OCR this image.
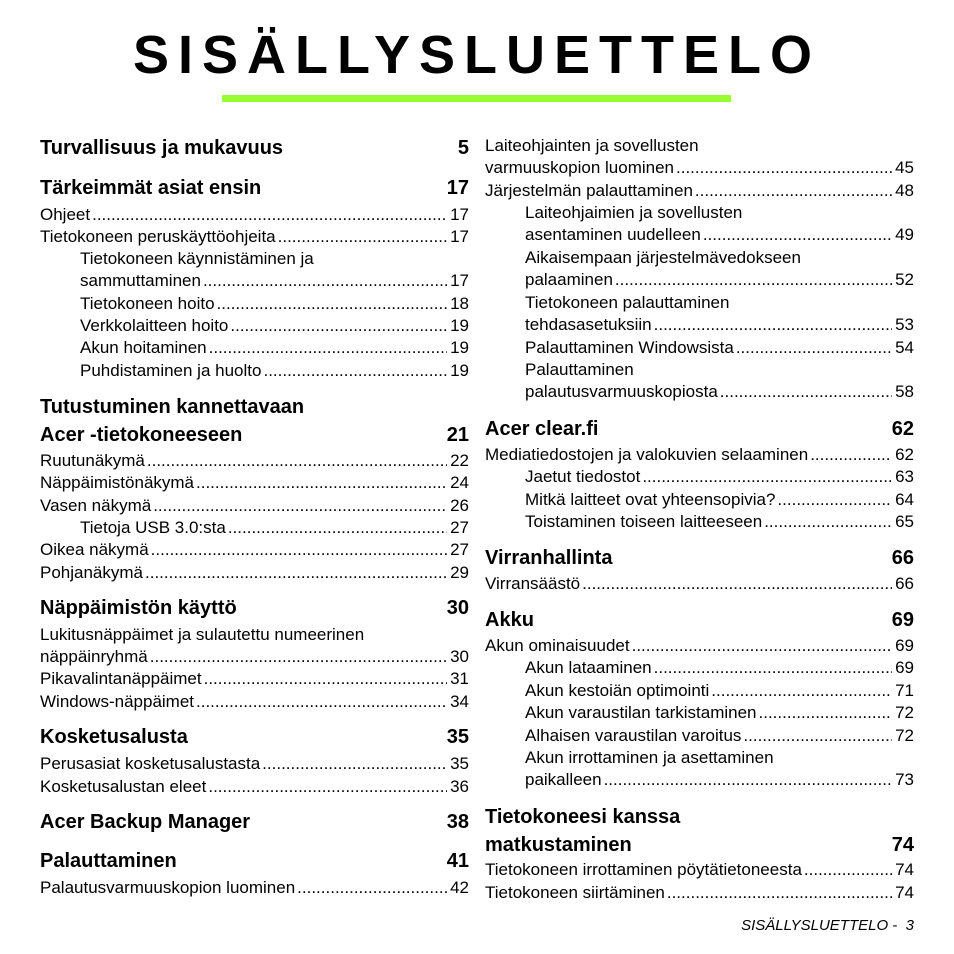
SISÄLLYSLUETTELO
Turvallisuus ja mukavuus	5
Tärkeimmät asiat ensin	17
Ohjeet .....	17
Tietokoneen peruskäyttöohjeita .....	17
Tietokoneen käynnistäminen ja
sammuttaminen .....	17
Tietokoneen hoito .....	18
Verkkolaitteen hoito .....	19
Akun hoitaminen .....	19
Puhdistaminen ja huolto .....	19
Tutustuminen kannettavaan
Acer -tietokoneeseen	21
Ruutunäkymä .....	22
Näppäimistönäkymä .....	24
Vasen näkymä .....	26
Tietoja USB 3.0:sta .....	27
Oikea näkymä .....	27
Pohjanäkymä .....	29
Näppäimistön käyttö	30
Lukitusnäppäimet ja sulautettu numeerinen
näppäinryhmä .....	30
Pikavalintanäppäimet .....	31
Windows-näppäimet .....	34
Kosketusalusta	35
Perusasiat kosketusalustasta .....	35
Kosketusalustan eleet .....	36
Acer Backup Manager	38
Palauttaminen	41
Palautusvarmuuskopion luominen .....	42
Laiteohjainten ja sovellusten
varmuuskopion luominen .....	45
Järjestelmän palauttaminen .....	48
Laiteohjaimien ja sovellusten
asentaminen uudelleen .....	49
Aikaisempaan järjestelmävedokseen
palaaminen .....	52
Tietokoneen palauttaminen
tehdasasetuksiin .....	53
Palauttaminen Windowsista .....	54
Palauttaminen
palautusvarmuuskopiosta .....	58
Acer clear.fi	62
Mediatiedostojen ja valokuvien selaaminen .....	62
Jaetut tiedostot .....	63
Mitkä laitteet ovat yhteensopivia? .....	64
Toistaminen toiseen laitteeseen .....	65
Virranhallinta	66
Virransäästö .....	66
Akku	69
Akun ominaisuudet .....	69
Akun lataaminen .....	69
Akun kestoiän optimointi .....	71
Akun varaustilan tarkistaminen .....	72
Alhaisen varaustilan varoitus .....	72
Akun irrottaminen ja asettaminen
paikalleen .....	73
Tietokoneesi kanssa
matkustaminen	74
Tietokoneen irrottaminen pöytätietoneesta .....	74
Tietokoneen siirtäminen .....	74
SISÄLLYSLUETTELO - 3
